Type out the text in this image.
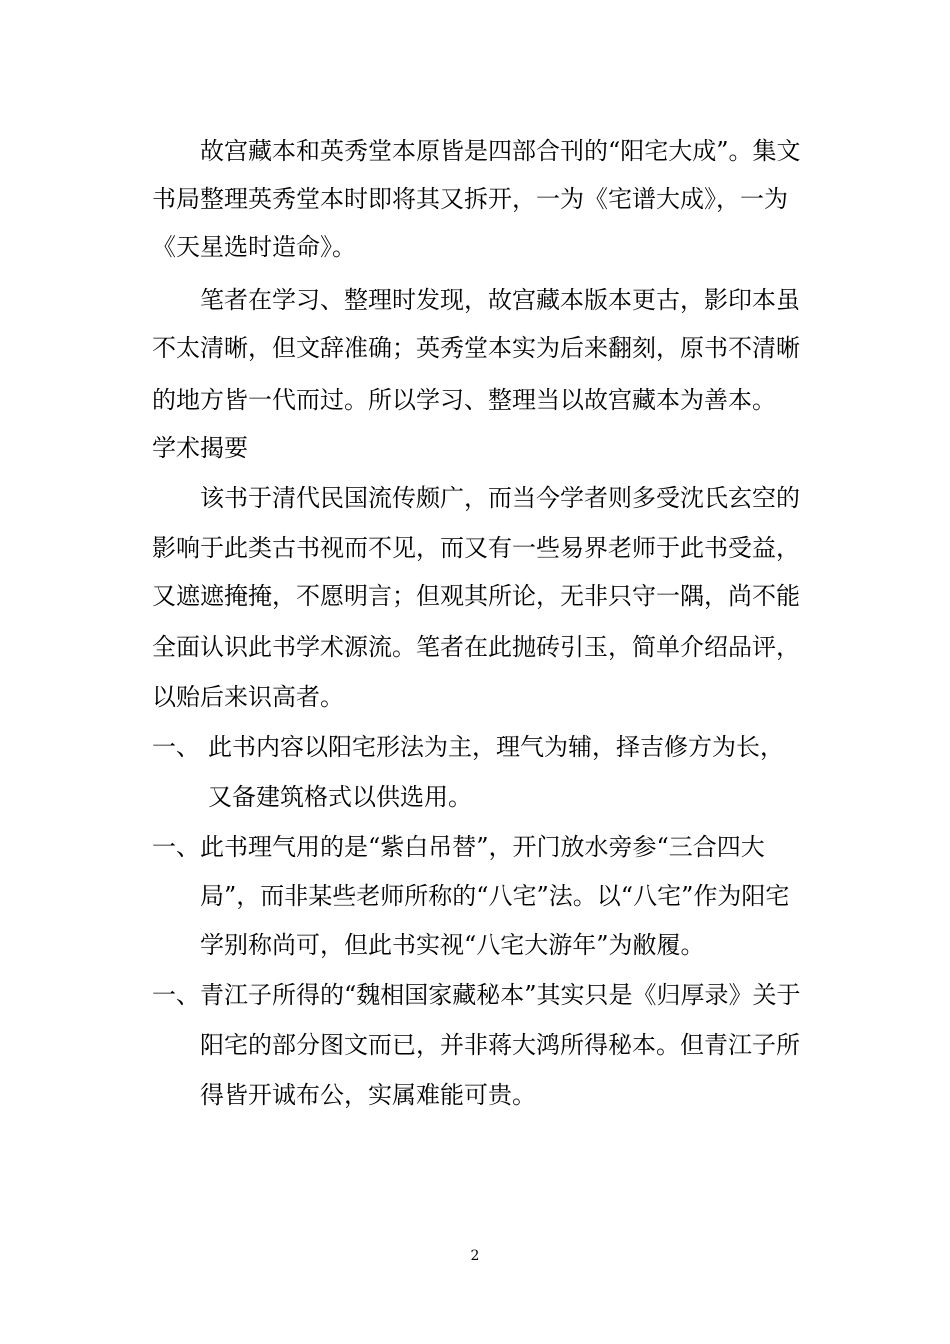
故宫藏本和英秀堂本原皆是四部合刊的“阳宅大成”。集文
书局整理英秀堂本时即将其又拆开，一为《宅谱大成》，一为
《天星选时造命》。
笔者在学习、整理时发现，故宫藏本版本更古，影印本虽
不太清晰，但文辞准确；英秀堂本实为后来翻刻，原书不清晰
的地方皆一代而过。所以学习、整理当以故宫藏本为善本。
学术揭要
该书于清代民国流传颇广，而当今学者则多受沈氏玄空的
影响于此类古书视而不见，而又有一些易界老师于此书受益，
又遮遮掩掩，不愿明言；但观其所论，无非只守一隅，尚不能
全面认识此书学术源流。笔者在此抛砖引玉，简单介绍品评，
以贻后来识高者。
一、 此书内容以阳宅形法为主，理气为辅，择吉修方为长，
又备建筑格式以供选用。
一、 此书理气用的是“紫白吊替”，开门放水旁参“三合四大
局”，而非某些老师所称的“八宅”法。以“八宅”作为阳宅
学别称尚可，但此书实视“八宅大游年”为敝履。
一、 青江子所得的“魏相国家藏秘本”其实只是《归厚录》关于
阳宅的部分图文而已，并非蒋大鸿所得秘本。但青江子所
得皆开诚布公，实属难能可贵。
2
